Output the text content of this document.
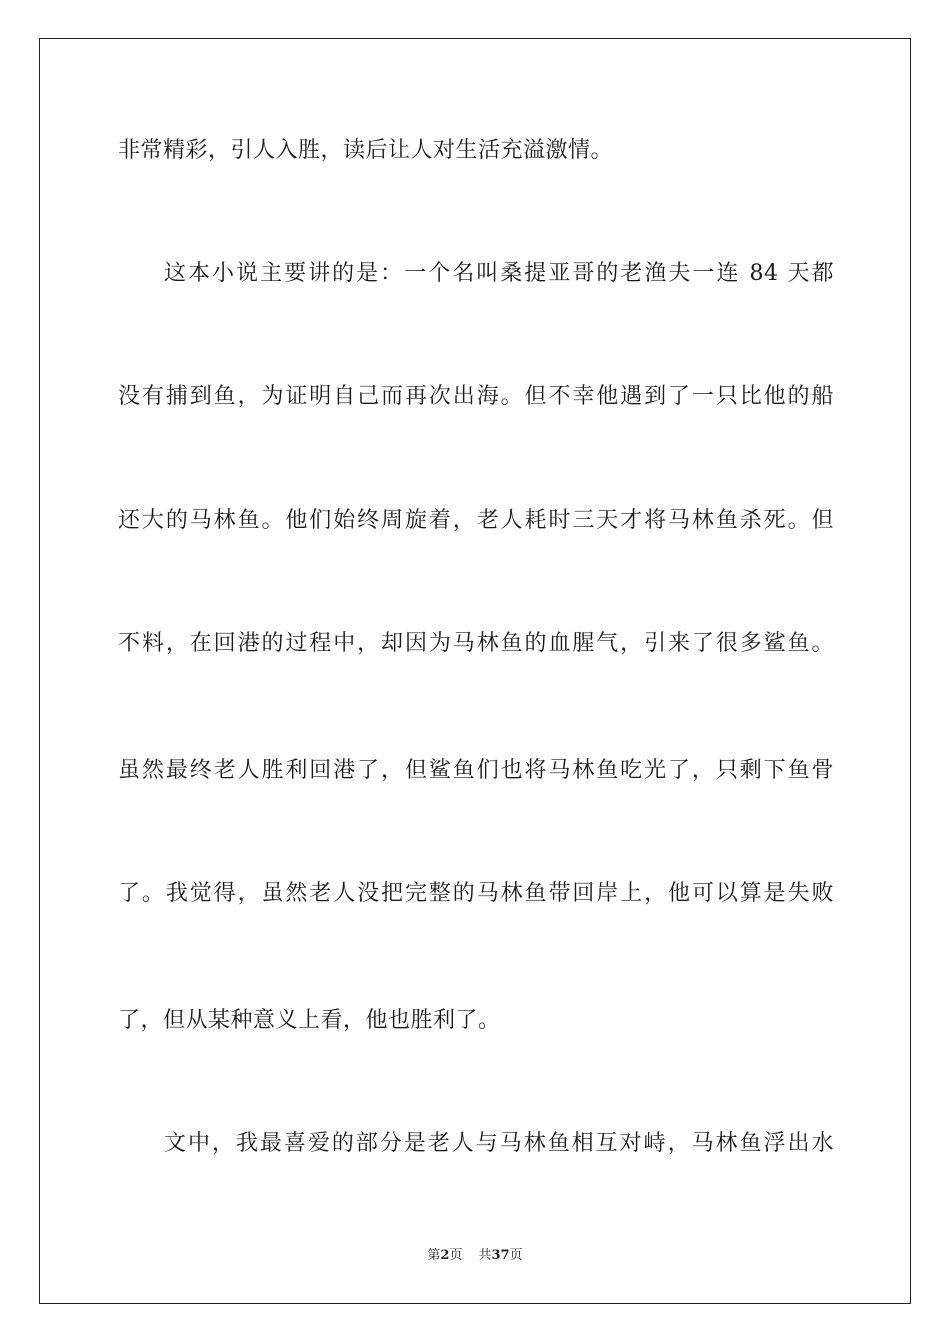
非常精彩，引人入胜，读后让人对生活充溢激情。
这本小说主要讲的是：一个名叫桑提亚哥的老渔夫一连 84 天都
没有捕到鱼，为证明自己而再次出海。但不幸他遇到了一只比他的船
还大的马林鱼。他们始终周旋着，老人耗时三天才将马林鱼杀死。但
不料，在回港的过程中，却因为马林鱼的血腥气，引来了很多鲨鱼。
虽然最终老人胜利回港了，但鲨鱼们也将马林鱼吃光了，只剩下鱼骨
了。我觉得，虽然老人没把完整的马林鱼带回岸上，他可以算是失败
了，但从某种意义上看，他也胜利了。
文中，我最喜爱的部分是老人与马林鱼相互对峙，马林鱼浮出水
第2页 共37页
